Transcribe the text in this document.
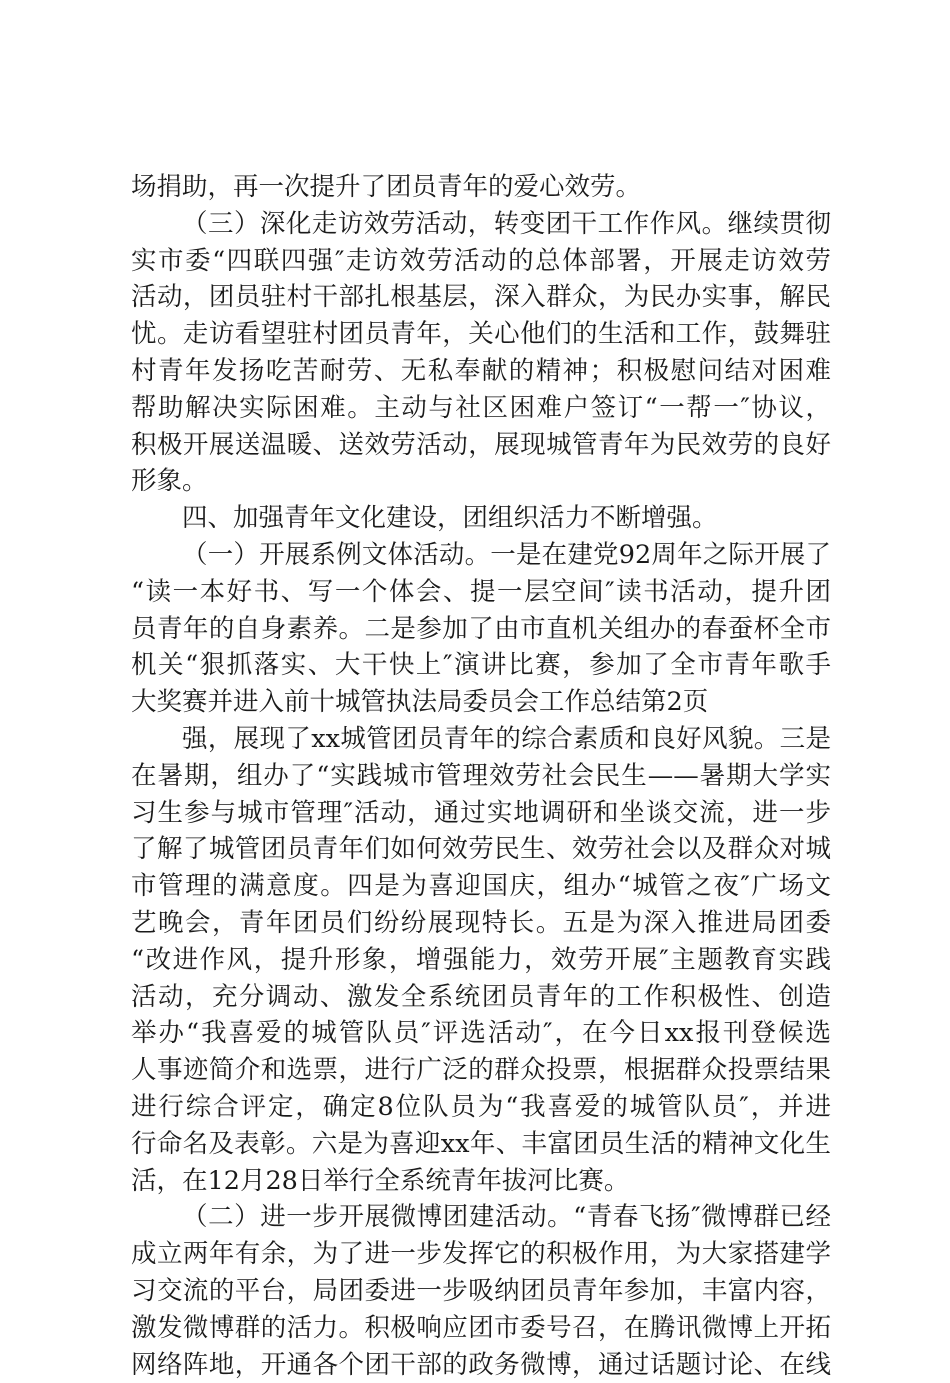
场捐助，再一次提升了团员青年的爱心效劳。
（三）深化走访效劳活动，转变团干工作作风。继续贯彻
实市委“四联四强″走访效劳活动的总体部署，开展走访效劳
活动，团员驻村干部扎根基层，深入群众，为民办实事，解民
忧。走访看望驻村团员青年，关心他们的生活和工作，鼓舞驻
村青年发扬吃苦耐劳、无私奉献的精神；积极慰问结对困难
帮助解决实际困难。主动与社区困难户签订“一帮一″协议，
积极开展送温暖、送效劳活动，展现城管青年为民效劳的良好
形象。
四、加强青年文化建设，团组织活力不断增强。
（一）开展系例文体活动。一是在建党92周年之际开展了
“读一本好书、写一个体会、提一层空间″读书活动，提升团
员青年的自身素养。二是参加了由市直机关组办的春蚕杯全市
机关“狠抓落实、大干快上″演讲比赛，参加了全市青年歌手
大奖赛并进入前十城管执法局委员会工作总结第2页
强，展现了xx城管团员青年的综合素质和良好风貌。三是
在暑期，组办了“实践城市管理效劳社会民生——暑期大学实
习生参与城市管理″活动，通过实地调研和坐谈交流，进一步
了解了城管团员青年们如何效劳民生、效劳社会以及群众对城
市管理的满意度。四是为喜迎国庆，组办“城管之夜″广场文
艺晚会，青年团员们纷纷展现特长。五是为深入推进局团委
“改进作风，提升形象，增强能力，效劳开展″主题教育实践
活动，充分调动、激发全系统团员青年的工作积极性、创造
举办“我喜爱的城管队员″评选活动″，在今日xx报刊登候选
人事迹简介和选票，进行广泛的群众投票，根据群众投票结果
进行综合评定，确定8位队员为“我喜爱的城管队员″，并进
行命名及表彰。六是为喜迎xx年、丰富团员生活的精神文化生
活，在12月28日举行全系统青年拔河比赛。
（二）进一步开展微博团建活动。“青春飞扬″微博群已经
成立两年有余，为了进一步发挥它的积极作用，为大家搭建学
习交流的平台，局团委进一步吸纳团员青年参加，丰富内容，
激发微博群的活力。积极响应团市委号召，在腾讯微博上开拓
网络阵地，开通各个团干部的政务微博，通过话题讨论、在线
